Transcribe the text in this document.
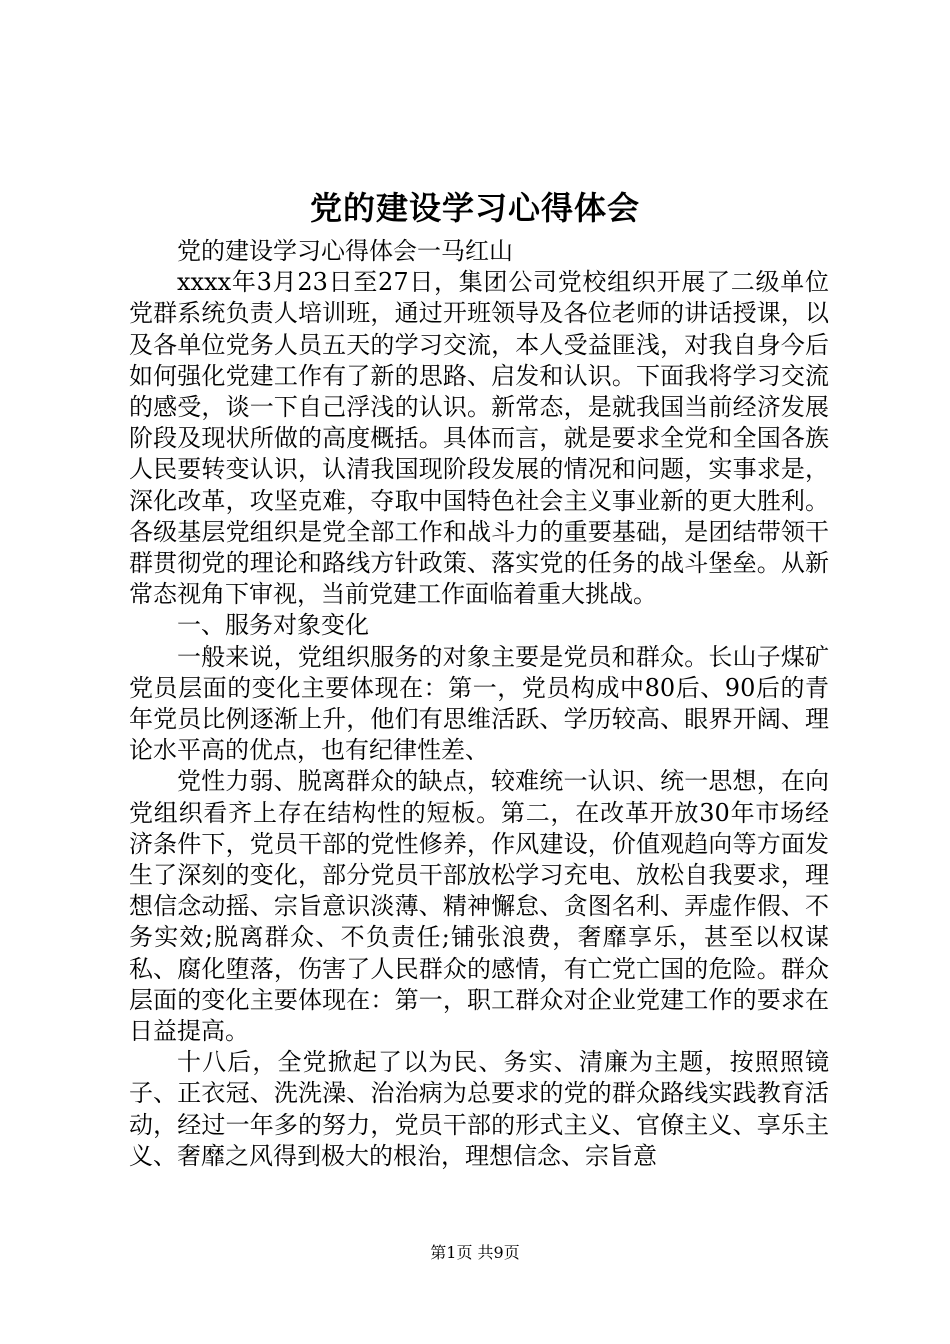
党的建设学习心得体会

党的建设学习心得体会一马红山

xxxx年3月23日至27日，集团公司党校组织开展了二级单位党群系统负责人培训班，通过开班领导及各位老师的讲话授课，以及各单位党务人员五天的学习交流，本人受益匪浅，对我自身今后如何强化党建工作有了新的思路、启发和认识。下面我将学习交流的感受，谈一下自己浮浅的认识。新常态，是就我国当前经济发展阶段及现状所做的高度概括。具体而言，就是要求全党和全国各族人民要转变认识，认清我国现阶段发展的情况和问题，实事求是，深化改革，攻坚克难，夺取中国特色社会主义事业新的更大胜利。各级基层党组织是党全部工作和战斗力的重要基础，是团结带领干群贯彻党的理论和路线方针政策、落实党的任务的战斗堡垒。从新常态视角下审视，当前党建工作面临着重大挑战。

一、服务对象变化

一般来说，党组织服务的对象主要是党员和群众。长山子煤矿党员层面的变化主要体现在：第一，党员构成中80后、90后的青年党员比例逐渐上升，他们有思维活跃、学历较高、眼界开阔、理论水平高的优点，也有纪律性差、

党性力弱、脱离群众的缺点，较难统一认识、统一思想，在向党组织看齐上存在结构性的短板。第二，在改革开放30年市场经济条件下，党员干部的党性修养，作风建设，价值观趋向等方面发生了深刻的变化，部分党员干部放松学习充电、放松自我要求，理想信念动摇、宗旨意识淡薄、精神懈怠、贪图名利、弄虚作假、不务实效;脱离群众、不负责任;铺张浪费，奢靡享乐，甚至以权谋私、腐化堕落，伤害了人民群众的感情，有亡党亡国的危险。群众层面的变化主要体现在：第一，职工群众对企业党建工作的要求在日益提高。

十八后，全党掀起了以为民、务实、清廉为主题，按照照镜子、正衣冠、洗洗澡、治治病为总要求的党的群众路线实践教育活动，经过一年多的努力，党员干部的形式主义、官僚主义、享乐主义、奢靡之风得到极大的根治，理想信念、宗旨意

第1页 共9页
